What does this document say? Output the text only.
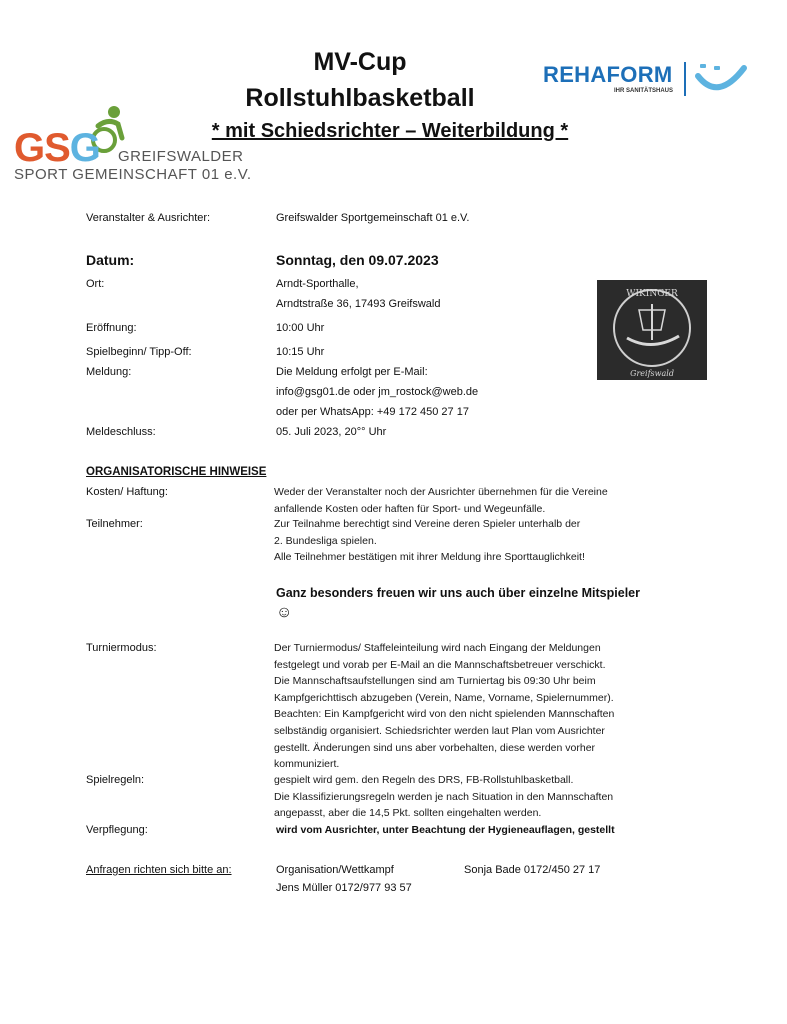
MV-Cup
Rollstuhlbasketball
* mit Schiedsrichter – Weiterbildung *
GSG GREIFSWALDER
SPORT GEMEINSCHAFT 01 e.V.
REHAFORM
IHR SANITÄTSHAUS
Veranstalter & Ausrichter:	Greifswalder Sportgemeinschaft 01 e.V.
Datum:	Sonntag, den 09.07.2023
Ort:	Arndt-Sporthalle,
Arndtstraße 36, 17493 Greifswald
Eröffnung:	10:00 Uhr
Spielbeginn/ Tipp-Off:	10:15 Uhr
Meldung:	Die Meldung erfolgt per E-Mail:
info@gsg01.de oder jm_rostock@web.de
oder per WhatsApp: +49 172 450 27 17
Meldeschluss:	05. Juli 2023, 20°° Uhr
WIKINGER
Greifswald
ORGANISATORISCHE HINWEISE
Kosten/ Haftung:	Weder der Veranstalter noch der Ausrichter übernehmen für die Vereine
anfallende Kosten oder haften für Sport- und Wegeunfälle.
Teilnehmer:	Zur Teilnahme berechtigt sind Vereine deren Spieler unterhalb der
2. Bundesliga spielen.
Alle Teilnehmer bestätigen mit ihrer Meldung ihre Sporttauglichkeit!
Ganz besonders freuen wir uns auch über einzelne Mitspieler
☺
Turniermodus:	Der Turniermodus/ Staffeleinteilung wird nach Eingang der Meldungen
festgelegt und vorab per E-Mail an die Mannschaftsbetreuer verschickt.
Die Mannschaftsaufstellungen sind am Turniertag bis 09:30 Uhr beim
Kampfgerichttisch abzugeben (Verein, Name, Vorname, Spielernummer).
Beachten: Ein Kampfgericht wird von den nicht spielenden Mannschaften
selbständig organisiert. Schiedsrichter werden laut Plan vom Ausrichter
gestellt. Änderungen sind uns aber vorbehalten, diese werden vorher
kommuniziert.
Spielregeln:	gespielt wird gem. den Regeln des DRS, FB-Rollstuhlbasketball.
Die Klassifizierungsregeln werden je nach Situation in den Mannschaften
angepasst, aber die 14,5 Pkt. sollten eingehalten werden.
Verpflegung:	wird vom Ausrichter, unter Beachtung der Hygieneauflagen, gestellt
Anfragen richten sich bitte an:	Organisation/Wettkampf	Sonja Bade 0172/450 27 17
Jens Müller 0172/977 93 57
